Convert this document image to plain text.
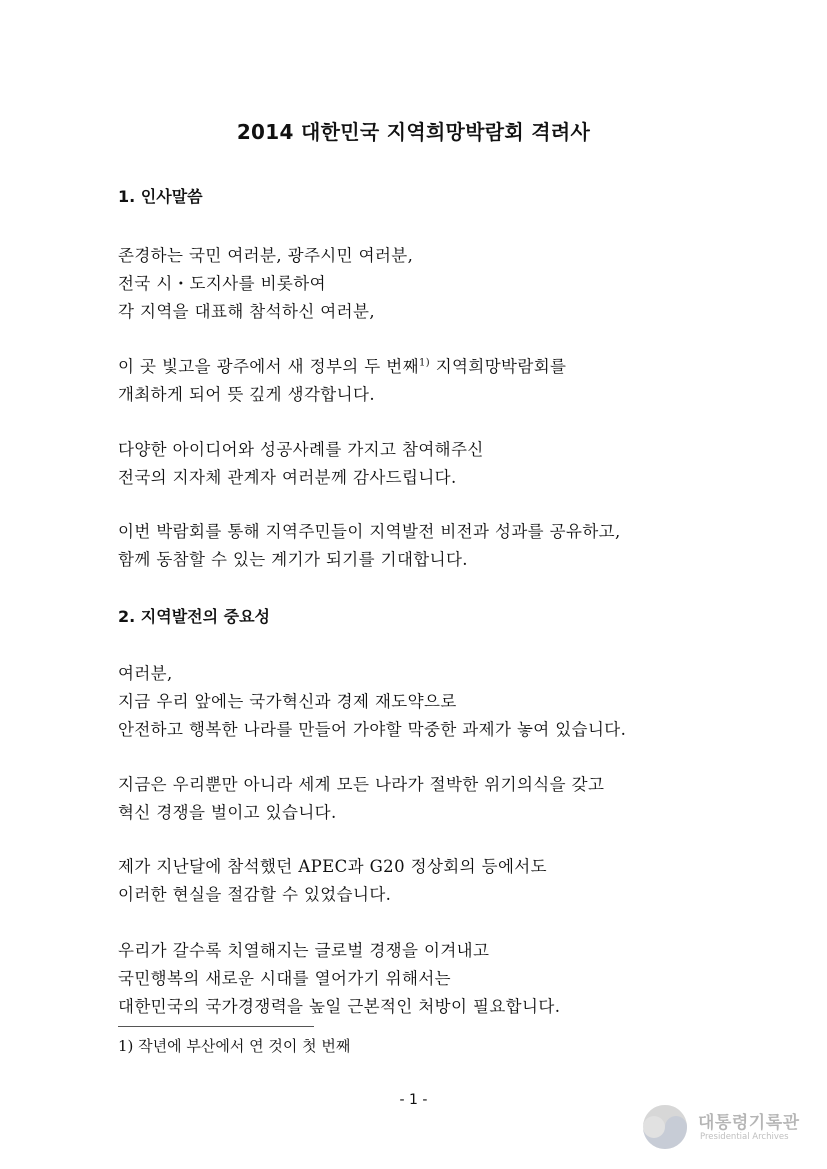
2014 대한민국 지역희망박람회 격려사
1. 인사말씀
존경하는 국민 여러분, 광주시민 여러분,
전국 시・도지사를 비롯하여
각 지역을 대표해 참석하신 여러분,
이 곳 빛고을 광주에서 새 정부의 두 번째$^{1)}$ 지역희망박람회를
개최하게 되어 뜻 깊게 생각합니다.
다양한 아이디어와 성공사례를 가지고 참여해주신
전국의 지자체 관계자 여러분께 감사드립니다.
이번 박람회를 통해 지역주민들이 지역발전 비전과 성과를 공유하고,
함께 동참할 수 있는 계기가 되기를 기대합니다.
2. 지역발전의 중요성
여러분,
지금 우리 앞에는 국가혁신과 경제 재도약으로
안전하고 행복한 나라를 만들어 가야할 막중한 과제가 놓여 있습니다.
지금은 우리뿐만 아니라 세계 모든 나라가 절박한 위기의식을 갖고
혁신 경쟁을 벌이고 있습니다.
제가 지난달에 참석했던 APEC과 G20 정상회의 등에서도
이러한 현실을 절감할 수 있었습니다.
우리가 갈수록 치열해지는 글로벌 경쟁을 이겨내고
국민행복의 새로운 시대를 열어가기 위해서는
대한민국의 국가경쟁력을 높일 근본적인 처방이 필요합니다.
1) 작년에 부산에서 연 것이 첫 번째
- 1 -
대통령기록관
Presidential Archives
